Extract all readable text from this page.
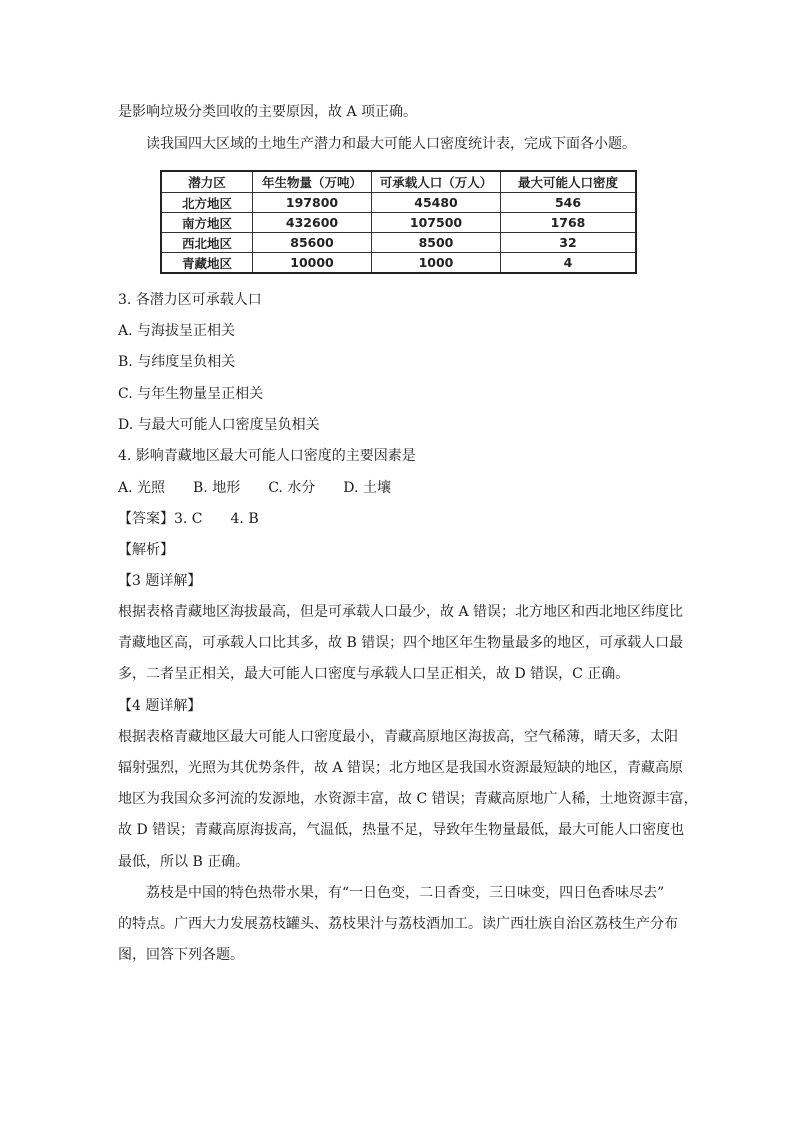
是影响垃圾分类回收的主要原因，故 A 项正确。
读我国四大区域的土地生产潜力和最大可能人口密度统计表，完成下面各小题。
潜力区	年生物量（万吨）	可承载人口（万人）	最大可能人口密度
北方地区	197800	45480	546
南方地区	432600	107500	1768
西北地区	85600	8500	32
青藏地区	10000	1000	4
3. 各潜力区可承载人口
A. 与海拔呈正相关
B. 与纬度呈负相关
C. 与年生物量呈正相关
D. 与最大可能人口密度呈负相关
4. 影响青藏地区最大可能人口密度的主要因素是
A. 光照　　B. 地形　　C. 水分　　D. 土壤
【答案】3. C　　4. B
【解析】
【3 题详解】
根据表格青藏地区海拔最高，但是可承载人口最少，故 A 错误；北方地区和西北地区纬度比
青藏地区高，可承载人口比其多，故 B 错误；四个地区年生物量最多的地区，可承载人口最
多，二者呈正相关，最大可能人口密度与承载人口呈正相关，故 D 错误，C 正确。
【4 题详解】
根据表格青藏地区最大可能人口密度最小，青藏高原地区海拔高，空气稀薄，晴天多，太阳
辐射强烈，光照为其优势条件，故 A 错误；北方地区是我国水资源最短缺的地区，青藏高原
地区为我国众多河流的发源地，水资源丰富，故 C 错误；青藏高原地广人稀，土地资源丰富，
故 D 错误；青藏高原海拔高，气温低，热量不足，导致年生物量最低，最大可能人口密度也
最低，所以 B 正确。
荔枝是中国的特色热带水果，有“一日色变，二日香变，三日味变，四日色香味尽去”
的特点。广西大力发展荔枝罐头、荔枝果汁与荔枝酒加工。读广西壮族自治区荔枝生产分布
图，回答下列各题。
